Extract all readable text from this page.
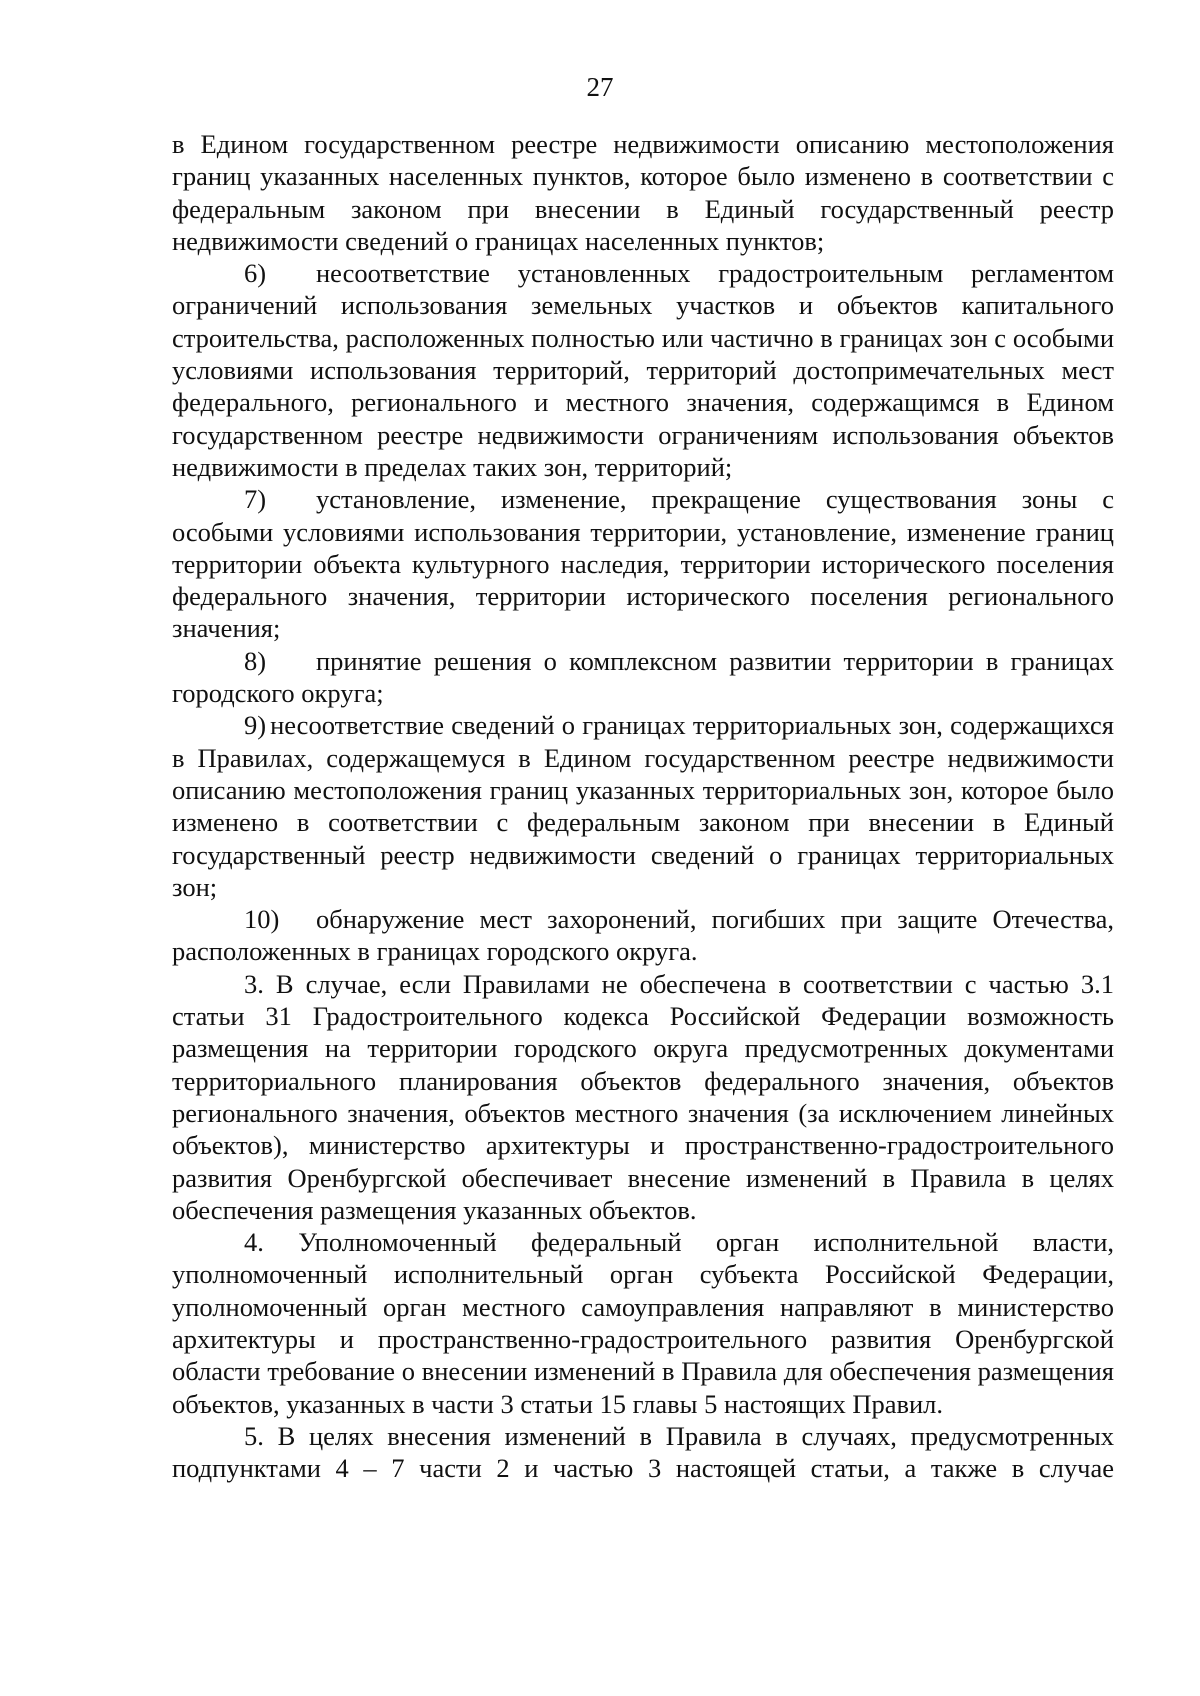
27

в Едином государственном реестре недвижимости описанию местоположения границ указанных населенных пунктов, которое было изменено в соответствии с федеральным законом при внесении в Единый государственный реестр недвижимости сведений о границах населенных пунктов;

6) несоответствие установленных градостроительным регламентом ограничений использования земельных участков и объектов капитального строительства, расположенных полностью или частично в границах зон с особыми условиями использования территорий, территорий достопримечательных мест федерального, регионального и местного значения, содержащимся в Едином государственном реестре недвижимости ограничениям использования объектов недвижимости в пределах таких зон, территорий;

7) установление, изменение, прекращение существования зоны с особыми условиями использования территории, установление, изменение границ территории объекта культурного наследия, территории исторического поселения федерального значения, территории исторического поселения регионального значения;

8) принятие решения о комплексном развитии территории в границах городского округа;

9) несоответствие сведений о границах территориальных зон, содержащихся в Правилах, содержащемуся в Едином государственном реестре недвижимости описанию местоположения границ указанных территориальных зон, которое было изменено в соответствии с федеральным законом при внесении в Единый государственный реестр недвижимости сведений о границах территориальных зон;

10) обнаружение мест захоронений, погибших при защите Отечества, расположенных в границах городского округа.

3. В случае, если Правилами не обеспечена в соответствии с частью 3.1 статьи 31 Градостроительного кодекса Российской Федерации возможность размещения на территории городского округа предусмотренных документами территориального планирования объектов федерального значения, объектов регионального значения, объектов местного значения (за исключением линейных объектов), министерство архитектуры и пространственно-градостроительного развития Оренбургской обеспечивает внесение изменений в Правила в целях обеспечения размещения указанных объектов.

4. Уполномоченный федеральный орган исполнительной власти, уполномоченный исполнительный орган субъекта Российской Федерации, уполномоченный орган местного самоуправления направляют в министерство архитектуры и пространственно-градостроительного развития Оренбургской области требование о внесении изменений в Правила для обеспечения размещения объектов, указанных в части 3 статьи 15 главы 5 настоящих Правил.

5. В целях внесения изменений в Правила в случаях, предусмотренных подпунктами 4 – 7 части 2 и частью 3 настоящей статьи, а также в случае
